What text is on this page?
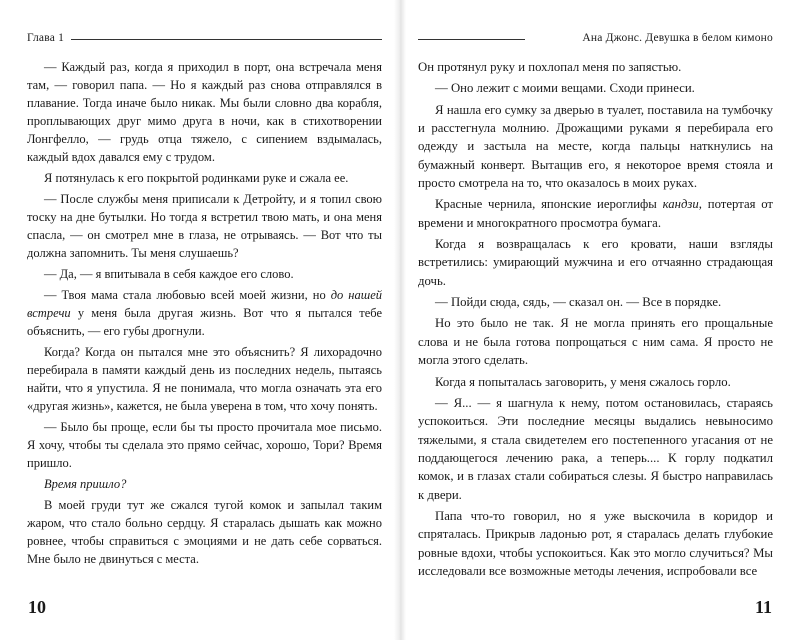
Глава 1

— Каждый раз, когда я приходил в порт, она встречала меня там, — говорил папа. — Но я каждый раз снова отправлялся в плавание. Тогда иначе было никак. Мы были словно два корабля, проплывающих друг мимо друга в ночи, как в стихотворении Лонгфелло, — грудь отца тяжело, с сипением вздымалась, каждый вдох давался ему с трудом.

Я потянулась к его покрытой родинками руке и сжала ее.

— После службы меня приписали к Детройту, и я топил свою тоску на дне бутылки. Но тогда я встретил твою мать, и она меня спасла, — он смотрел мне в глаза, не отрываясь. — Вот что ты должна запомнить. Ты меня слушаешь?

— Да, — я впитывала в себя каждое его слово.

— Твоя мама стала любовью всей моей жизни, но до нашей встречи у меня была другая жизнь. Вот что я пытался тебе объяснить, — его губы дрогнули.

Когда? Когда он пытался мне это объяснить? Я лихорадочно перебирала в памяти каждый день из последних недель, пытаясь найти, что я упустила. Я не понимала, что могла означать эта его «другая жизнь», кажется, не была уверена в том, что хочу понять.

— Было бы проще, если бы ты просто прочитала мое письмо. Я хочу, чтобы ты сделала это прямо сейчас, хорошо, Тори? Время пришло.

Время пришло?

В моей груди тут же сжался тугой комок и запылал таким жаром, что стало больно сердцу. Я старалась дышать как можно ровнее, чтобы справиться с эмоциями и не дать себе сорваться. Мне было не двинуться с места.

10
Ана Джонс. Девушка в белом кимоно

Он протянул руку и похлопал меня по запястью.

— Оно лежит с моими вещами. Сходи принеси.

Я нашла его сумку за дверью в туалет, поставила на тумбочку и расстегнула молнию. Дрожащими руками я перебирала его одежду и застыла на месте, когда пальцы наткнулись на бумажный конверт. Вытащив его, я некоторое время стояла и просто смотрела на то, что оказалось в моих руках.

Красные чернила, японские иероглифы кандзи, потертая от времени и многократного просмотра бумага.

Когда я возвращалась к его кровати, наши взгляды встретились: умирающий мужчина и его отчаянно страдающая дочь.

— Пойди сюда, сядь, — сказал он. — Все в порядке.

Но это было не так. Я не могла принять его прощальные слова и не была готова попрощаться с ним сама. Я просто не могла этого сделать.

Когда я попыталась заговорить, у меня сжалось горло.

— Я... — я шагнула к нему, потом остановилась, стараясь успокоиться. Эти последние месяцы выдались невыносимо тяжелыми, я стала свидетелем его постепенного угасания от не поддающегося лечению рака, а теперь.... К горлу подкатил комок, и в глазах стали собираться слезы. Я быстро направилась к двери.

Папа что-то говорил, но я уже выскочила в коридор и спряталась. Прикрыв ладонью рот, я старалась делать глубокие ровные вдохи, чтобы успокоиться. Как это могло случиться? Мы исследовали все возможные методы лечения, испробовали все

11
